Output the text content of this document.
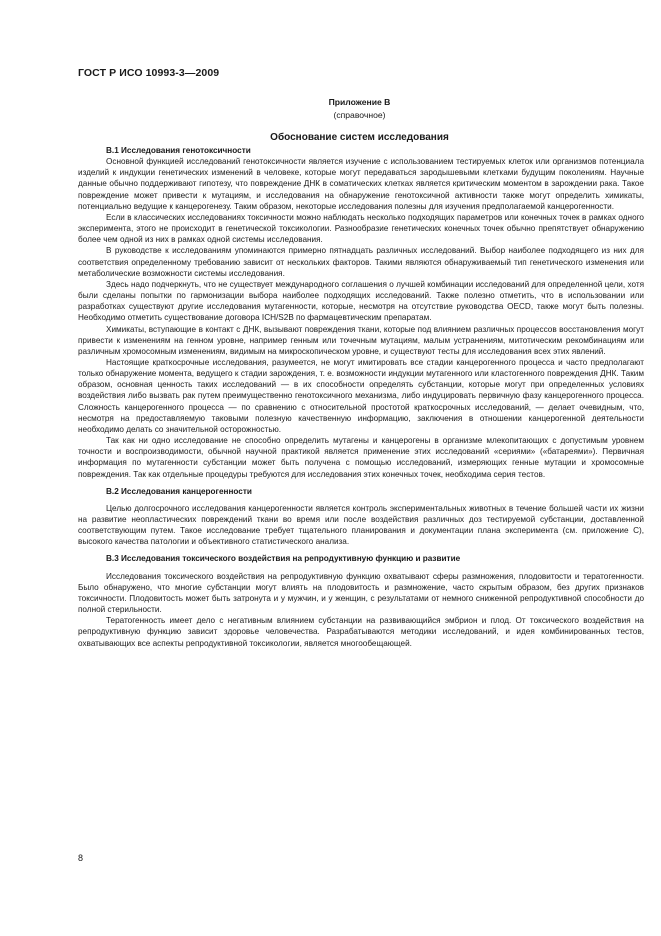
ГОСТ Р ИСО 10993-3—2009
Приложение В
(справочное)
Обоснование систем исследования

В.1 Исследования генотоксичности

Основной функцией исследований генотоксичности является изучение с использованием тестируемых клеток или организмов потенциала изделий к индукции генетических изменений в человеке, которые могут передаваться зародышевыми клетками будущим поколениям. Научные данные обычно поддерживают гипотезу, что повреждение ДНК в соматических клетках является критическим моментом в зарождении рака. Такое повреждение может привести к мутациям, и исследования на обнаружение генотоксичной активности также могут определить химикаты, потенциально ведущие к канцерогенезу. Таким образом, некоторые исследования полезны для изучения предполагаемой канцерогенности.

Если в классических исследованиях токсичности можно наблюдать несколько подходящих параметров или конечных точек в рамках одного эксперимента, этого не происходит в генетической токсикологии. Разнообразие генетических конечных точек обычно препятствует обнаружению более чем одной из них в рамках одной системы исследования.

В руководстве к исследованиям упоминаются примерно пятнадцать различных исследований. Выбор наиболее подходящего из них для соответствия определенному требованию зависит от нескольких факторов. Такими являются обнаруживаемый тип генетического изменения или метаболические возможности системы исследования.

Здесь надо подчеркнуть, что не существует международного соглашения о лучшей комбинации исследований для определенной цели, хотя были сделаны попытки по гармонизации выбора наиболее подходящих исследований. Также полезно отметить, что в использовании или разработках существуют другие исследования мутагенности, которые, несмотря на отсутствие руководства OECD, также могут быть полезны. Необходимо отметить существование договора ICH/S2B по фармацевтическим препаратам.

Химикаты, вступающие в контакт с ДНК, вызывают повреждения ткани, которые под влиянием различных процессов восстановления могут привести к изменениям на генном уровне, например генным или точечным мутациям, малым устранениям, митотическим рекомбинациям или различным хромосомным изменениям, видимым на микроскопическом уровне, и существуют тесты для исследования всех этих явлений.

Настоящие краткосрочные исследования, разумеется, не могут имитировать все стадии канцерогенного процесса и часто предполагают только обнаружение момента, ведущего к стадии зарождения, т. е. возможности индукции мутагенного или кластогенного повреждения ДНК. Таким образом, основная ценность таких исследований — в их способности определять субстанции, которые могут при определенных условиях воздействия либо вызвать рак путем преимущественно генотоксичного механизма, либо индуцировать первичную фазу канцерогенного процесса. Сложность канцерогенного процесса — по сравнению с относительной простотой краткосрочных исследований, — делает очевидным, что, несмотря на предоставляемую таковыми полезную качественную информацию, заключения в отношении канцерогенной деятельности необходимо делать со значительной осторожностью.

Так как ни одно исследование не способно определить мутагены и канцерогены в организме млекопитающих с допустимым уровнем точности и воспроизводимости, обычной научной практикой является применение этих исследований «сериями» («батареями»). Первичная информация по мутагенности субстанции может быть получена с помощью исследований, измеряющих генные мутации и хромосомные повреждения. Так как отдельные процедуры требуются для исследования этих конечных точек, необходима серия тестов.

В.2 Исследования канцерогенности

Целью долгосрочного исследования канцерогенности является контроль экспериментальных животных в течение большей части их жизни на развитие неопластических повреждений ткани во время или после воздействия различных доз тестируемой субстанции, доставленной соответствующим путем. Такое исследование требует тщательного планирования и документации плана эксперимента (см. приложение С), высокого качества патологии и объективного статистического анализа.

В.3 Исследования токсического воздействия на репродуктивную функцию и развитие

Исследования токсического воздействия на репродуктивную функцию охватывают сферы размножения, плодовитости и тератогенности. Было обнаружено, что многие субстанции могут влиять на плодовитость и размножение, часто скрытым образом, без других признаков токсичности. Плодовитость может быть затронута и у мужчин, и у женщин, с результатами от немного сниженной репродуктивной способности до полной стерильности.

Тератогенность имеет дело с негативным влиянием субстанции на развивающийся эмбрион и плод. От токсического воздействия на репродуктивную функцию зависит здоровье человечества. Разрабатываются методики исследований, и идея комбинированных тестов, охватывающих все аспекты репродуктивной токсикологии, является многообещающей.

8
